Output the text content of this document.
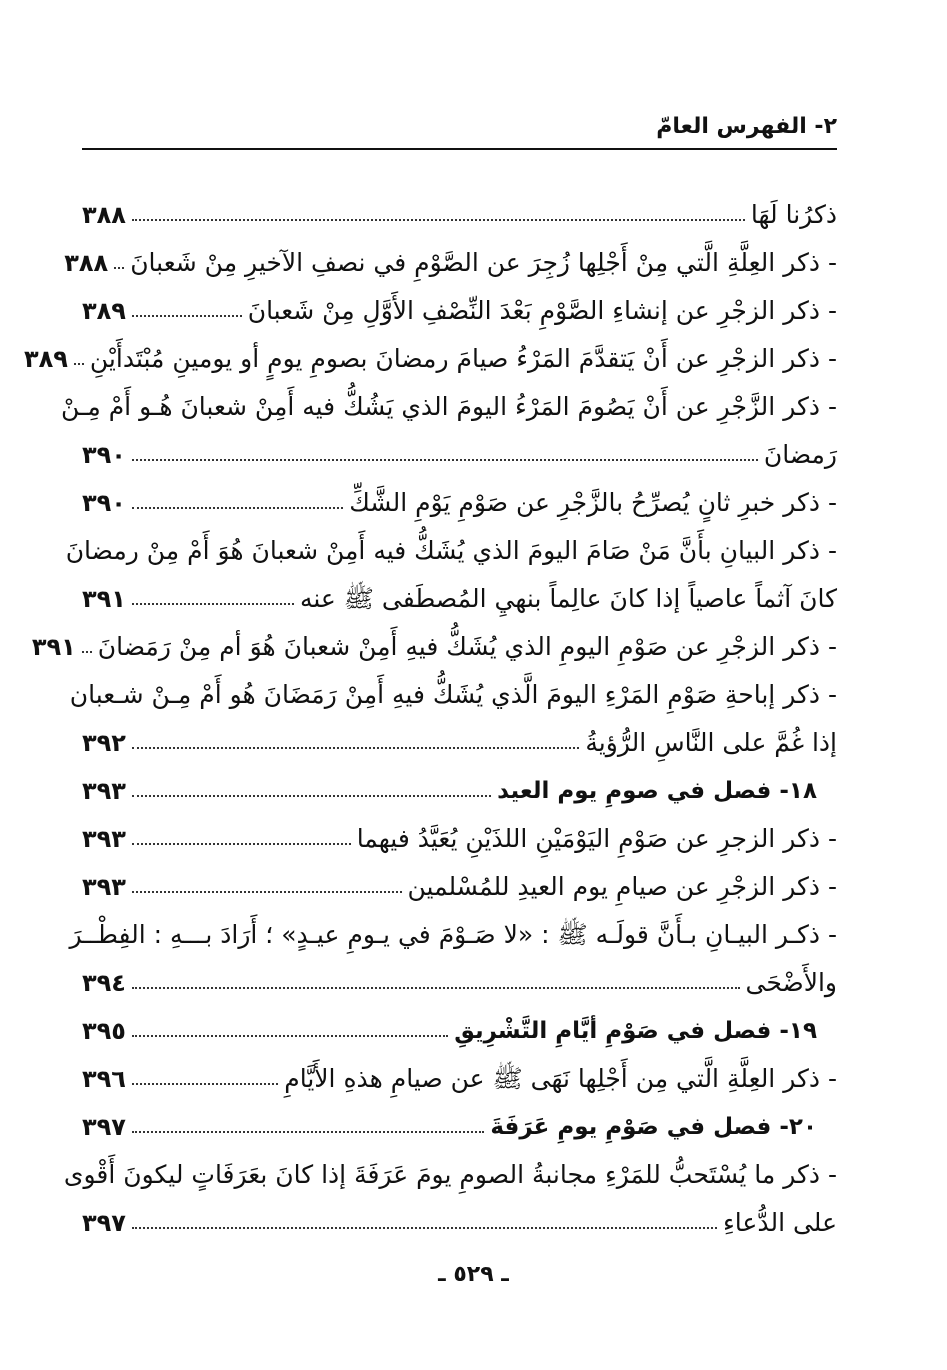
٢- الفهرس العامّ
ذكرُنا لَهَا
٣٨٨
- ذكر العِلَّةِ الَّتي مِنْ أَجْلِها زُجِرَ عن الصَّوْمِ في نصفِ الآخيرِ مِنْ شَعبانَ
٣٨٨
- ذكر الزجْرِ عن إنشاءِ الصَّوْمِ بَعْدَ النِّصْفِ الأَوَّلِ مِنْ شَعبانَ
٣٨٩
- ذكر الزجْرِ عن أَنْ يَتقدَّمَ المَرْءُ صيامَ رمضانَ بصومِ يومٍ أو يومينِ مُبْتَدأَيْنِ
٣٨٩
- ذكر الزَّجْرِ عن أَنْ يَصُومَ المَرْءُ اليومَ الذي يَشُكُّ فيه أَمِنْ شعبانَ هُـو أَمْ مِـنْ
رَمضانَ
٣٩٠
- ذكر خبرِ ثانٍ يُصرِّحُ بالزَّجْرِ عن صَوْمِ يَوْمِ الشَّكِّ
٣٩٠
- ذكر البيانِ بأَنَّ مَنْ صَامَ اليومَ الذي يُشَكُّ فيه أَمِنْ شعبانَ هُوَ أَمْ مِنْ رمضانَ
كانَ آثماً عاصياً إذا كانَ عالِماً بنهيِ المُصطَفى ﷺ عنه
٣٩١
- ذكر الزجْرِ عن صَوْمِ اليومِ الذي يُشَكُّ فيهِ أَمِنْ شعبانَ هُوَ أم مِنْ رَمَضانَ
٣٩١
- ذكر إباحةِ صَوْمِ المَرْءِ اليومَ الَّذي يُشَكُّ فيهِ أَمِنْ رَمَضَانَ هُو أَمْ مِـنْ شـعبان
إذا غُمَّ على النَّاسِ الرُّؤيةُ
٣٩٢
١٨- فصل في صومِ يوم العيد
٣٩٣
- ذكر الزجرِ عن صَوْمِ اليَوْمَيْنِ اللذَيْنِ يُعَيَّدُ فيهما
٣٩٣
- ذكر الزجْرِ عن صيامِ يوم العيدِ للمُسْلمين
٣٩٣
- ذكـر البيـانِ بـأَنَّ قولَـه ﷺ : «لا صَـوْمَ في يـومِ عيـدٍ» ؛ أَرَادَ بـــهِ : الفِطْــرَ
والأَضْحَى
٣٩٤
١٩- فصل في صَوْمِ أيَّامِ التَّشْرِيقِ
٣٩٥
- ذكر العِلَّةِ الَّتي مِن أَجْلِها نَهَى ﷺ عن صيامِ هذهِ الأَيَّامِ
٣٩٦
٢٠- فصل في صَوْمِ يومِ عَرَفَةَ
٣٩٧
- ذكر ما يُسْتَحبُّ للمَرْءِ مجانبةُ الصومِ يومَ عَرَفَةَ إذا كانَ بعَرَفَاتٍ ليكونَ أَقْوى
على الدُّعاءِ
٣٩٧
ـ ٥٢٩ ـ
